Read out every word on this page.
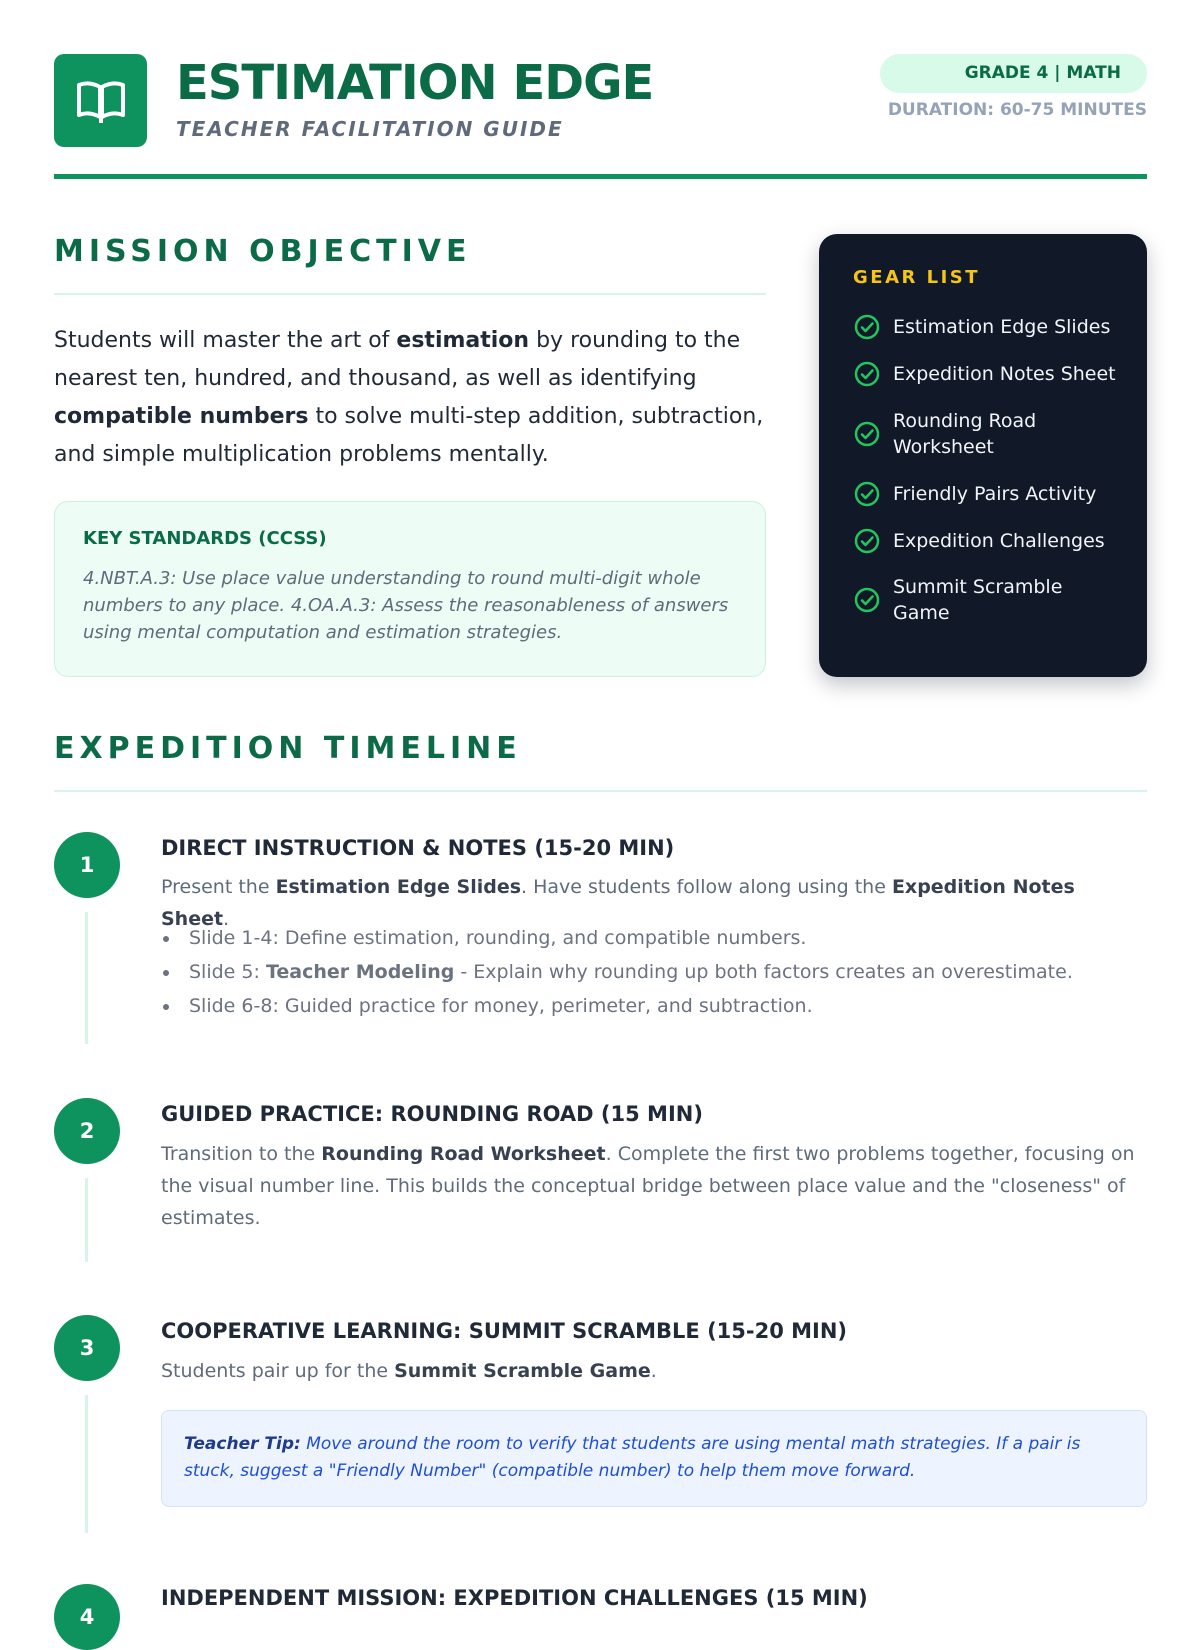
ESTIMATION EDGE
TEACHER FACILITATION GUIDE
GRADE 4 | MATH
DURATION: 60-75 MINUTES
MISSION OBJECTIVE
Students will master the art of estimation by rounding to the nearest ten, hundred, and thousand, as well as identifying compatible numbers to solve multi-step addition, subtraction, and simple multiplication problems mentally.
KEY STANDARDS (CCSS)
4.NBT.A.3: Use place value understanding to round multi-digit whole numbers to any place. 4.OA.A.3: Assess the reasonableness of answers using mental computation and estimation strategies.
GEAR LIST
Estimation Edge Slides
Expedition Notes Sheet
Rounding Road Worksheet
Friendly Pairs Activity
Expedition Challenges
Summit Scramble Game
EXPEDITION TIMELINE
1
DIRECT INSTRUCTION & NOTES (15-20 MIN)
Present the Estimation Edge Slides. Have students follow along using the Expedition Notes Sheet.
Slide 1-4: Define estimation, rounding, and compatible numbers.
Slide 5: Teacher Modeling - Explain why rounding up both factors creates an overestimate.
Slide 6-8: Guided practice for money, perimeter, and subtraction.
2
GUIDED PRACTICE: ROUNDING ROAD (15 MIN)
Transition to the Rounding Road Worksheet. Complete the first two problems together, focusing on the visual number line. This builds the conceptual bridge between place value and the "closeness" of estimates.
3
COOPERATIVE LEARNING: SUMMIT SCRAMBLE (15-20 MIN)
Students pair up for the Summit Scramble Game.
Teacher Tip: Move around the room to verify that students are using mental math strategies. If a pair is stuck, suggest a "Friendly Number" (compatible number) to help them move forward.
4
INDEPENDENT MISSION: EXPEDITION CHALLENGES (15 MIN)
